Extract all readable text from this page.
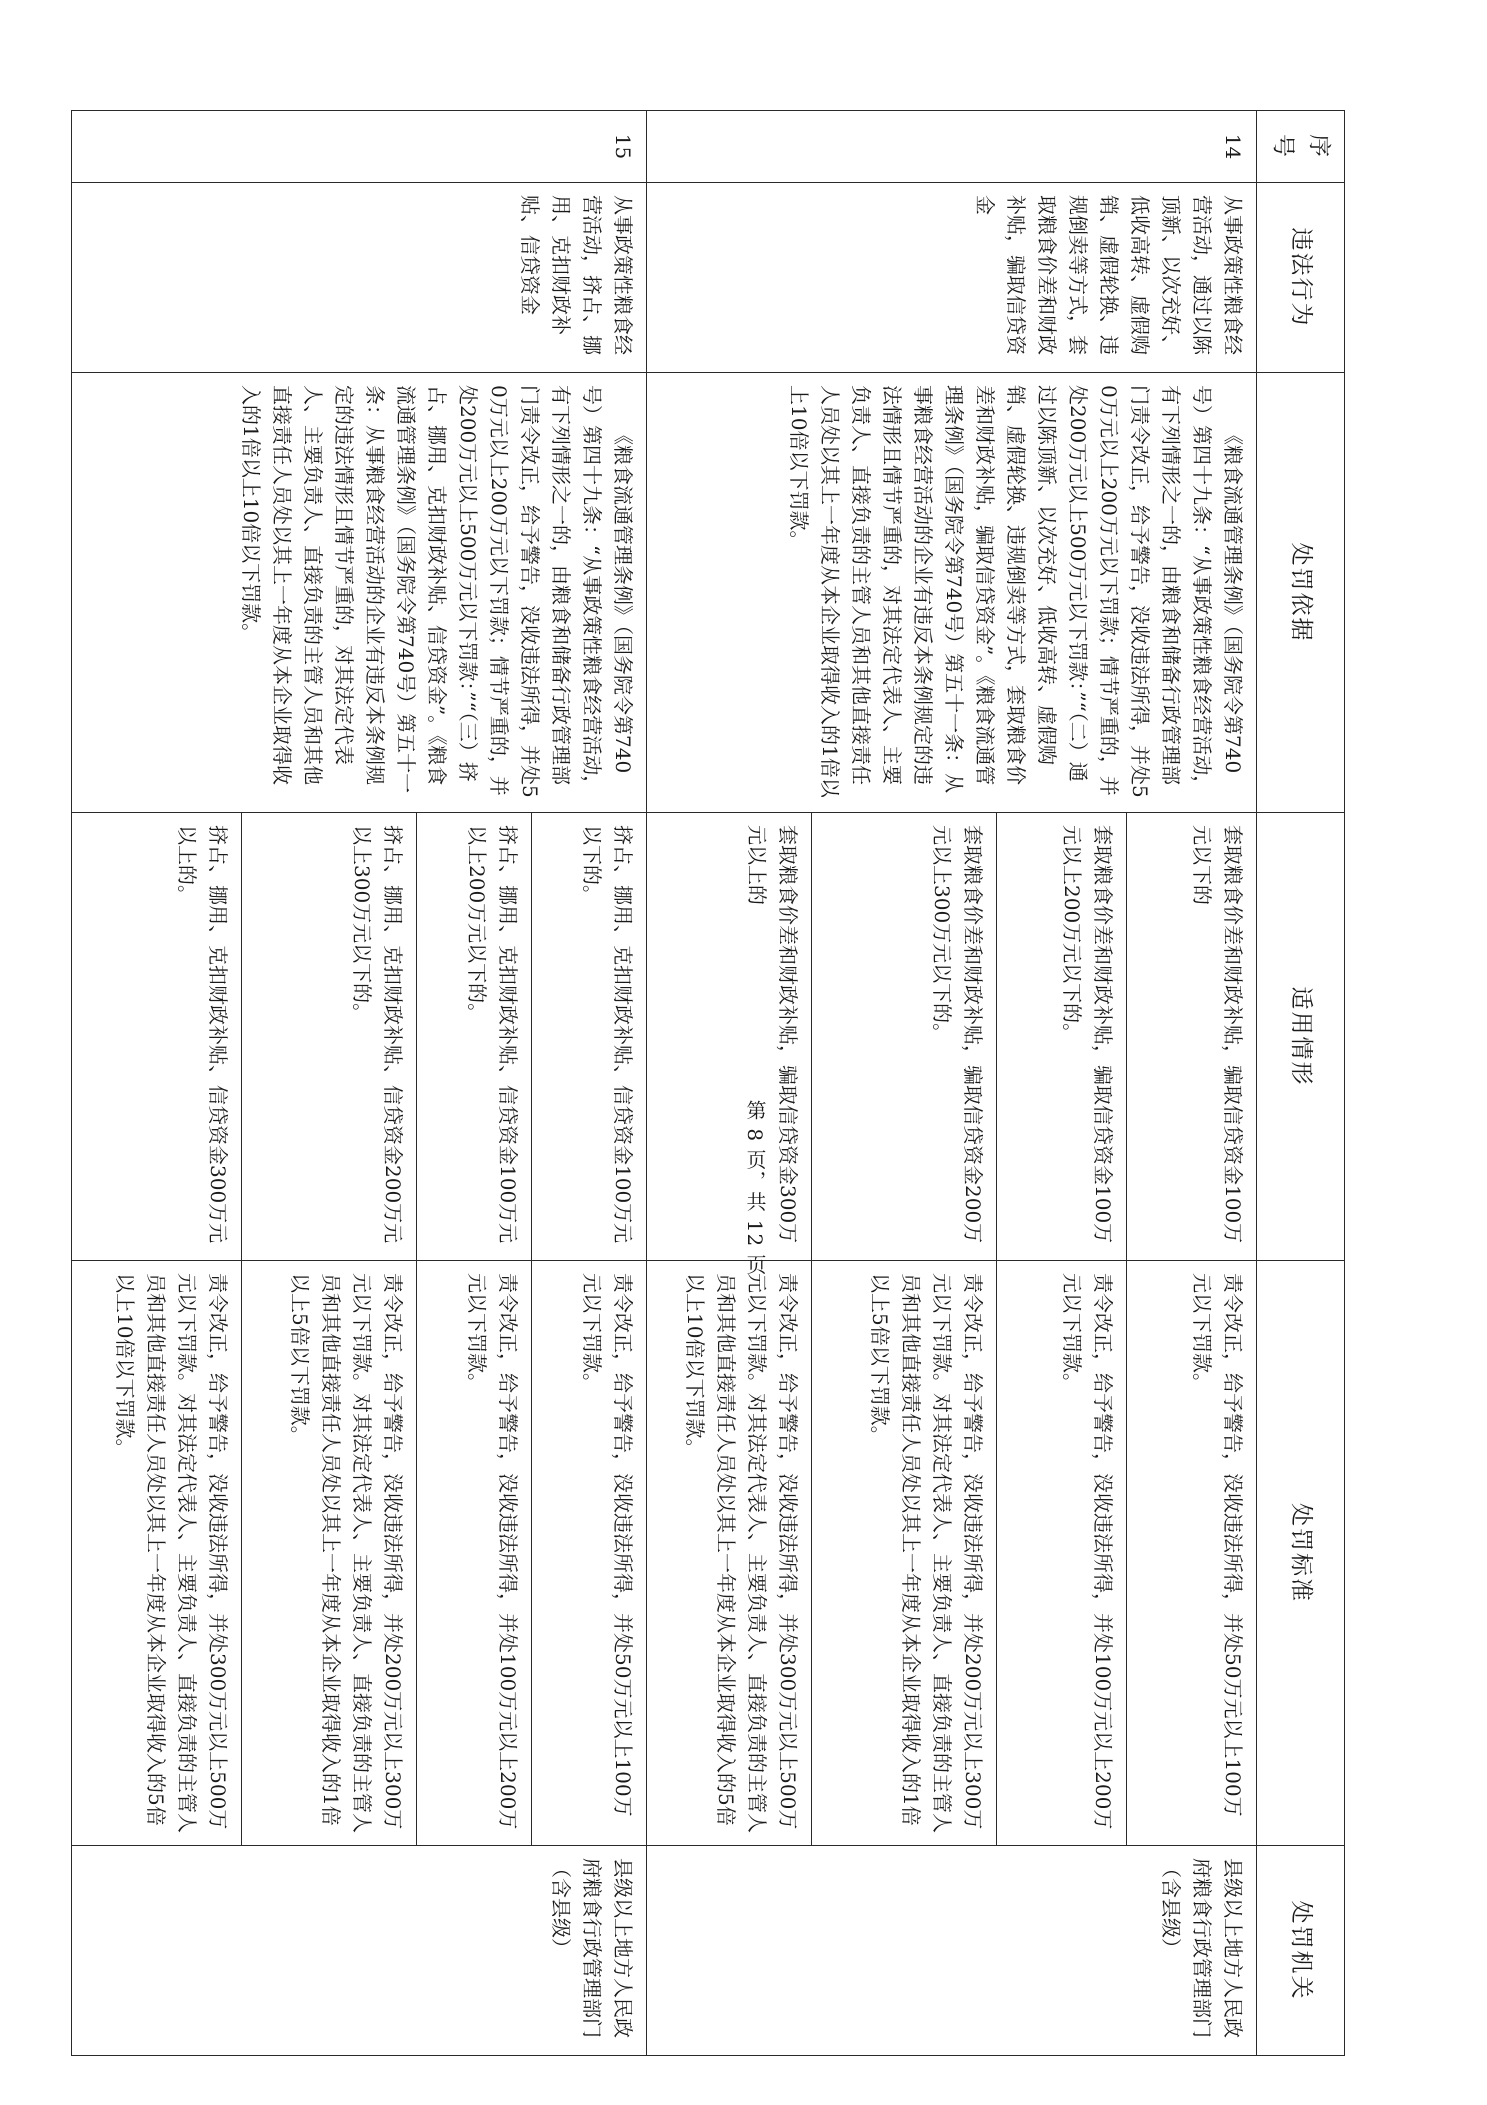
序号	违法行为	处罚依据	适用情形	处罚标准	处罚机关
14	从事政策性粮食经营活动，通过以陈顶新、以次充好、低收高转、虚假购销、虚假轮换、违规倒卖等方式，套取粮食价差和财政补贴，骗取信贷资金	《粮食流通管理条例》（国务院令第740号）第四十九条：“从事政策性粮食经营活动，有下列情形之一的，由粮食和储备行政管理部门责令改正，给予警告，没收违法所得，并处50万元以上200万元以下罚款；情节严重的，并处200万元以上500万元以下罚款：”“（二）通过以陈顶新、以次充好、低收高转、虚假购销、虚假轮换、违规倒卖等方式，套取粮食价差和财政补贴，骗取信贷资金”。《粮食流通管理条例》（国务院令第740号）第五十一条：从事粮食经营活动的企业有违反本条例规定的违法情形且情节严重的，对其法定代表人、主要负责人、直接负责的主管人员和其他直接责任人员处以其上一年度从本企业取得收入的1倍以上10倍以下罚款。	套取粮食价差和财政补贴，骗取信贷资金100万元以下的	责令改正，给予警告，没收违法所得，并处50万元以上100万元以下罚款。	县级以上地方人民政府粮食行政管理部门（含县级）
			套取粮食价差和财政补贴，骗取信贷资金100万元以上200万元以下的。	责令改正，给予警告，没收违法所得，并处100万元以上200万元以下罚款。	
			套取粮食价差和财政补贴，骗取信贷资金200万元以上300万元以下的。	责令改正，给予警告，没收违法所得，并处200万元以上300万元以下罚款。对其法定代表人、主要负责人、直接负责的主管人员和其他直接责任人员处以其上一年度从本企业取得收入的1倍以上5倍以下罚款。	
			套取粮食价差和财政补贴，骗取信贷资金300万元以上的	责令改正，给予警告，没收违法所得，并处300万元以上500万元以下罚款。对其法定代表人、主要负责人、直接负责的主管人员和其他直接责任人员处以其上一年度从本企业取得收入的5倍以上10倍以下罚款。	
15	从事政策性粮食经营活动，挤占、挪用、克扣财政补贴、信贷资金	《粮食流通管理条例》（国务院令第740号）第四十九条：“从事政策性粮食经营活动，有下列情形之一的，由粮食和储备行政管理部门责令改正，给予警告，没收违法所得，并处50万元以上200万元以下罚款；情节严重的，并处200万元以上500万元以下罚款：”“（三）挤占、挪用、克扣财政补贴、信贷资金”。《粮食流通管理条例》（国务院令第740号）第五十一条：从事粮食经营活动的企业有违反本条例规定的违法情形且情节严重的，对其法定代表人、主要负责人、直接负责的主管人员和其他直接责任人员处以其上一年度从本企业取得收入的1倍以上10倍以下罚款。	挤占、挪用、克扣财政补贴、信贷资金100万元以下的。	责令改正，给予警告，没收违法所得，并处50万元以上100万元以下罚款。	县级以上地方人民政府粮食行政管理部门（含县级）
			挤占、挪用、克扣财政补贴、信贷资金100万元以上200万元以下的。	责令改正，给予警告，没收违法所得，并处100万元以上200万元以下罚款。	
			挤占、挪用、克扣财政补贴、信贷资金200万元以上300万元以下的。	责令改正，给予警告，没收违法所得，并处200万元以上300万元以下罚款。对其法定代表人、主要负责人、直接负责的主管人员和其他直接责任人员处以其上一年度从本企业取得收入的1倍以上5倍以下罚款。	
			挤占、挪用、克扣财政补贴、信贷资金300万元以上的。	责令改正，给予警告，没收违法所得，并处300万元以上500万元以下罚款。对其法定代表人、主要负责人、直接负责的主管人员和其他直接责任人员处以其上一年度从本企业取得收入的5倍以上10倍以下罚款。	
第 8 页，共 12 页
